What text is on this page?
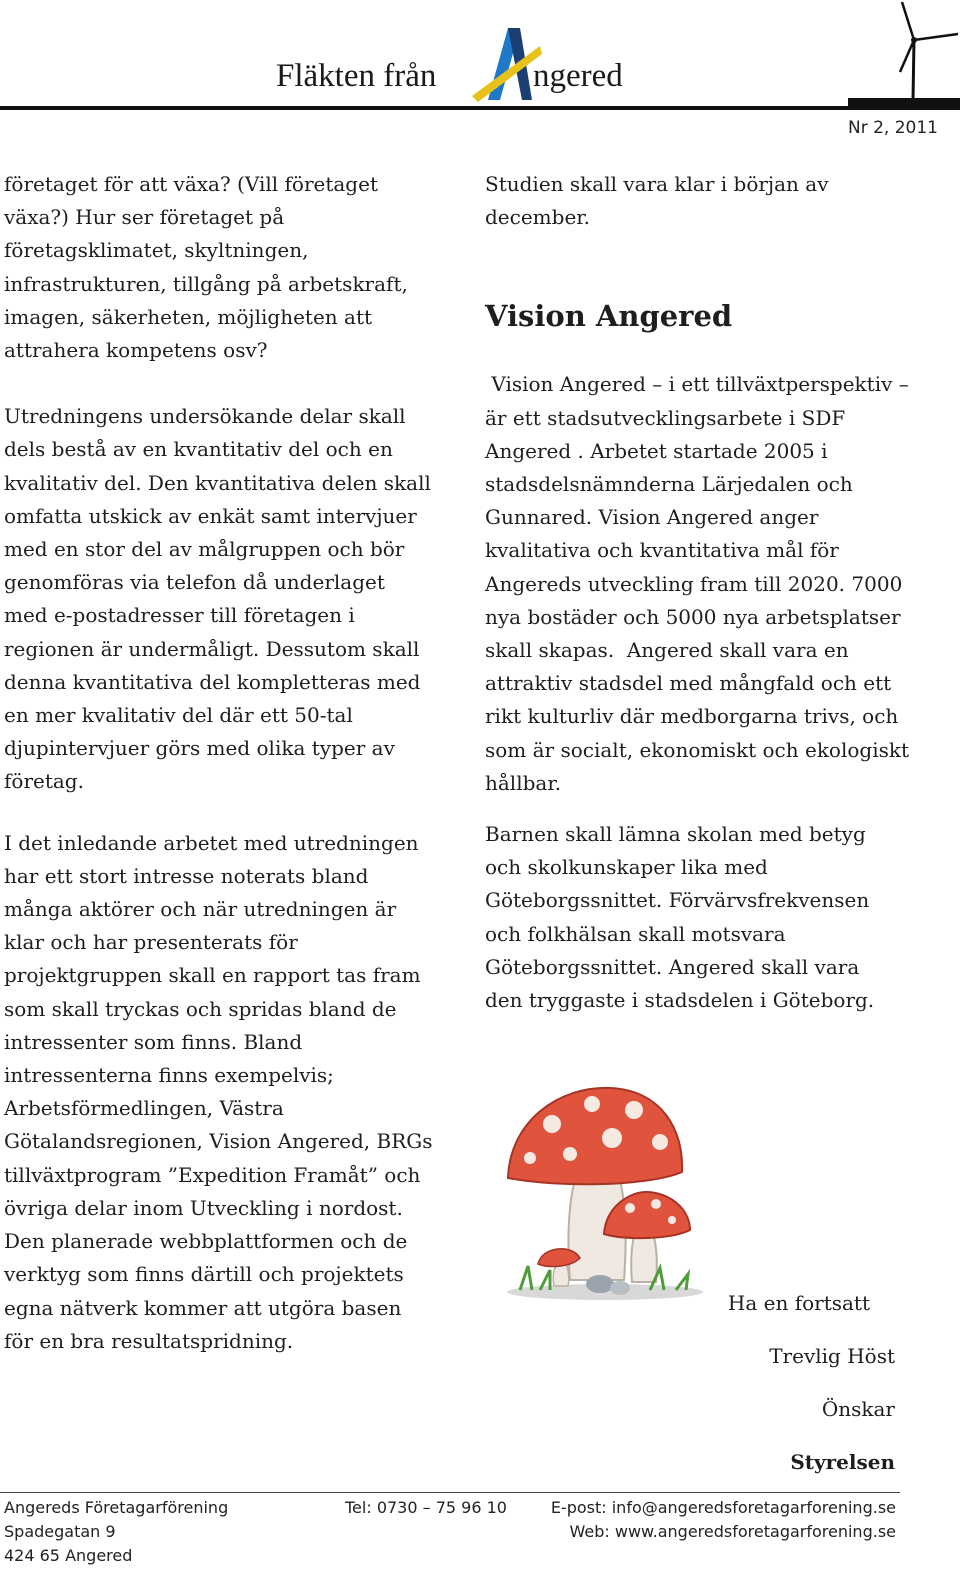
Fläkten från	ngered
Nr 2, 2011

företaget för att växa? (Vill företaget växa?) Hur ser företaget på företagsklimatet, skyltningen, infrastrukturen, tillgång på arbetskraft, imagen, säkerheten, möjligheten att attrahera kompetens osv?

Utredningens undersökande delar skall dels bestå av en kvantitativ del och en kvalitativ del. Den kvantitativa delen skall omfatta utskick av enkät samt intervjuer med en stor del av målgruppen och bör genomföras via telefon då underlaget med e-postadresser till företagen i regionen är undermåligt. Dessutom skall denna kvantitativa del kompletteras med en mer kvalitativ del där ett 50-tal djupintervjuer görs med olika typer av företag.

I det inledande arbetet med utredningen har ett stort intresse noterats bland många aktörer och när utredningen är klar och har presenterats för projektgruppen skall en rapport tas fram som skall tryckas och spridas bland de intressenter som finns. Bland intressenterna finns exempelvis; Arbetsförmedlingen, Västra Götalandsregionen, Vision Angered, BRGs tillväxtprogram ”Expedition Framåt” och övriga delar inom Utveckling i nordost. Den planerade webbplattformen och de verktyg som finns därtill och projektets egna nätverk kommer att utgöra basen för en bra resultatspridning.

Studien skall vara klar i början av december.

Vision Angered

Vision Angered – i ett tillväxtperspektiv – är ett stadsutvecklingsarbete i SDF Angered . Arbetet startade 2005 i stadsdelsnämnderna Lärjedalen och Gunnared. Vision Angered anger kvalitativa och kvantitativa mål för Angereds utveckling fram till 2020. 7000 nya bostäder och 5000 nya arbetsplatser skall skapas.  Angered skall vara en attraktiv stadsdel med mångfald och ett rikt kulturliv där medborgarna trivs, och som är socialt, ekonomiskt och ekologiskt hållbar.

Barnen skall lämna skolan med betyg och skolkunskaper lika med Göteborgssnittet. Förvärvsfrekvensen och folkhälsan skall motsvara Göteborgssnittet. Angered skall vara den tryggaste i stadsdelen i Göteborg.

Ha en fortsatt
Trevlig Höst
Önskar
Styrelsen
Angereds Företagarförening
Spadegatan 9
424 65 Angered
Tel: 0730 – 75 96 10	E-post: info@angeredsforetagarforening.se
Web: www.angeredsforetagarforening.se
